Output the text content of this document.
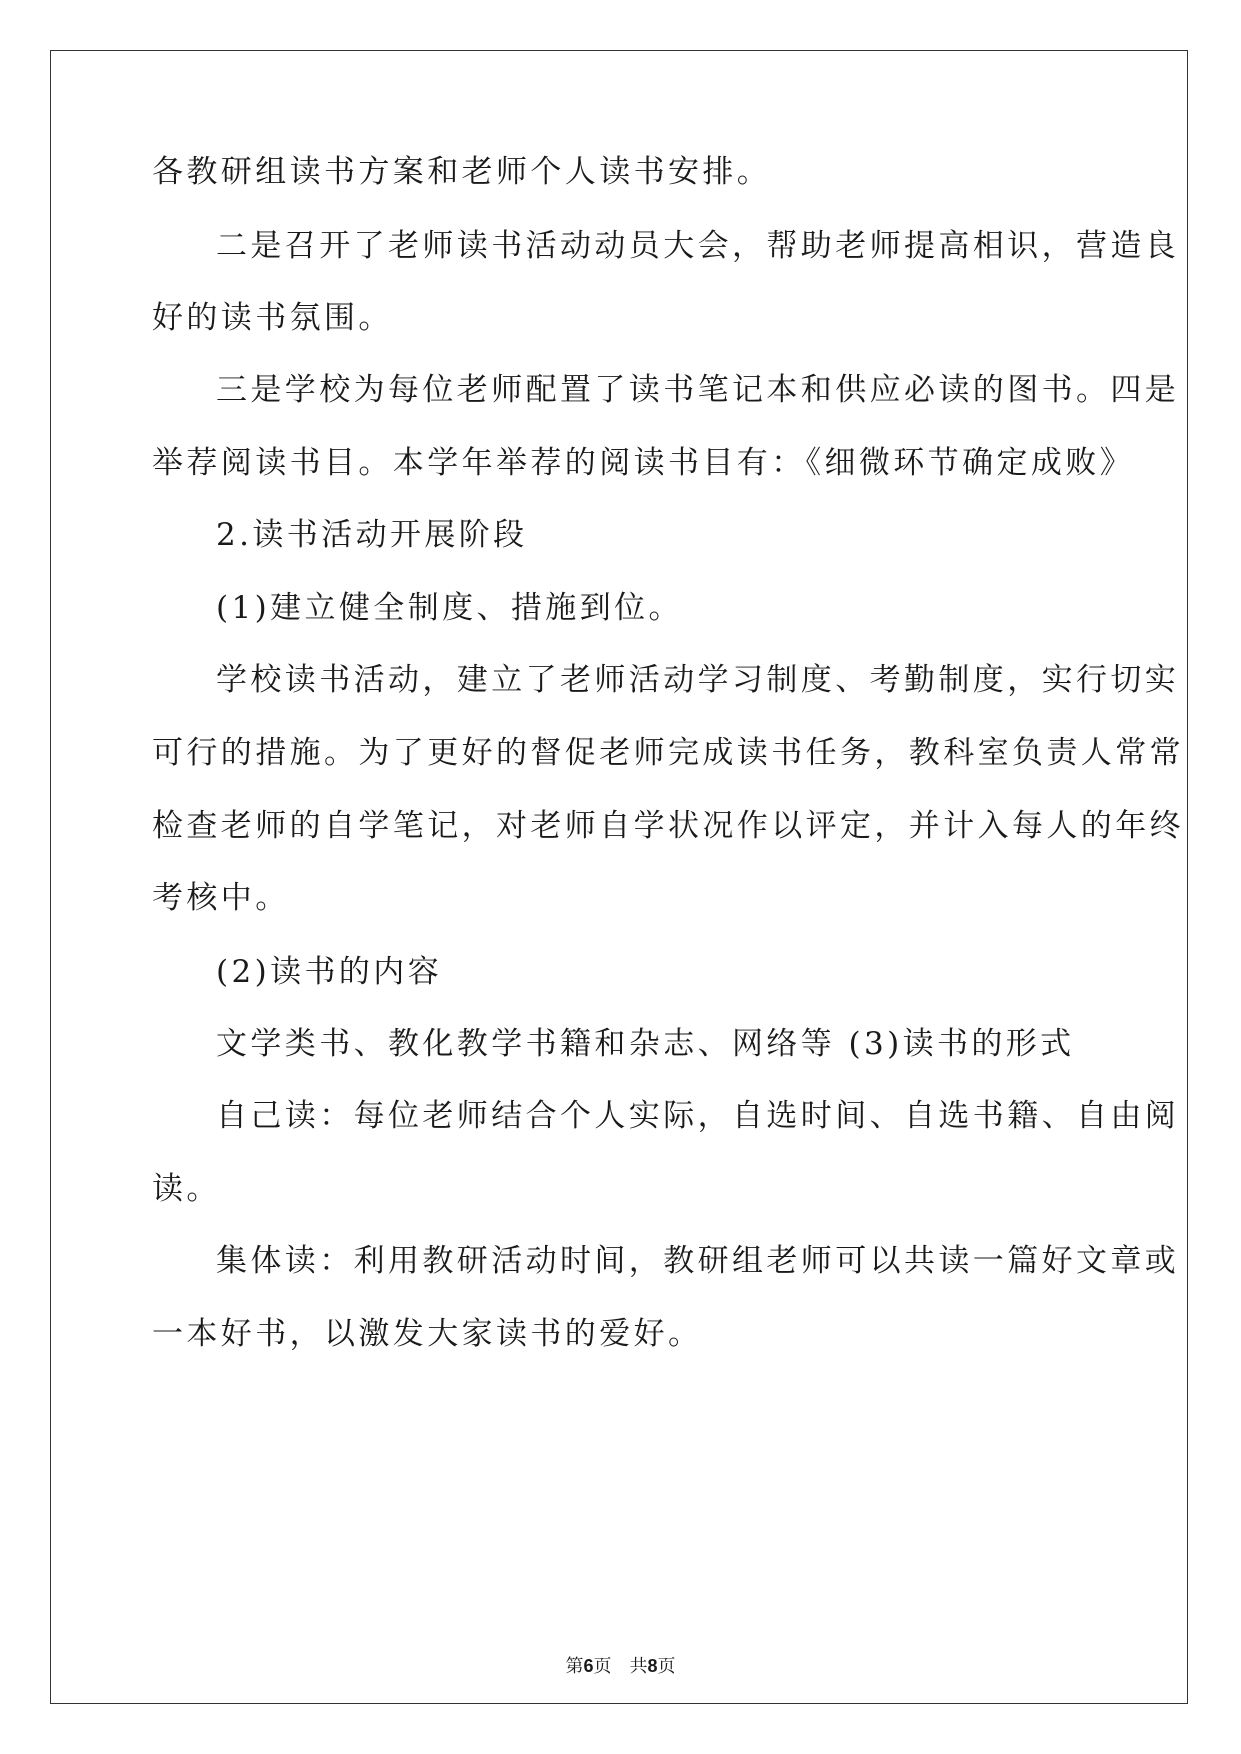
各教研组读书方案和老师个人读书安排。
二是召开了老师读书活动动员大会，帮助老师提高相识，营造良
好的读书氛围。
三是学校为每位老师配置了读书笔记本和供应必读的图书。四是
举荐阅读书目。本学年举荐的阅读书目有：《细微环节确定成败》
2.读书活动开展阶段
(1)建立健全制度、措施到位。
学校读书活动，建立了老师活动学习制度、考勤制度，实行切实
可行的措施。为了更好的督促老师完成读书任务，教科室负责人常常
检查老师的自学笔记，对老师自学状况作以评定，并计入每人的年终
考核中。
(2)读书的内容
文学类书、教化教学书籍和杂志、网络等 (3)读书的形式
自己读：每位老师结合个人实际，自选时间、自选书籍、自由阅
读。
集体读：利用教研活动时间，教研组老师可以共读一篇好文章或
一本好书，以激发大家读书的爱好。
第6页　共8页
